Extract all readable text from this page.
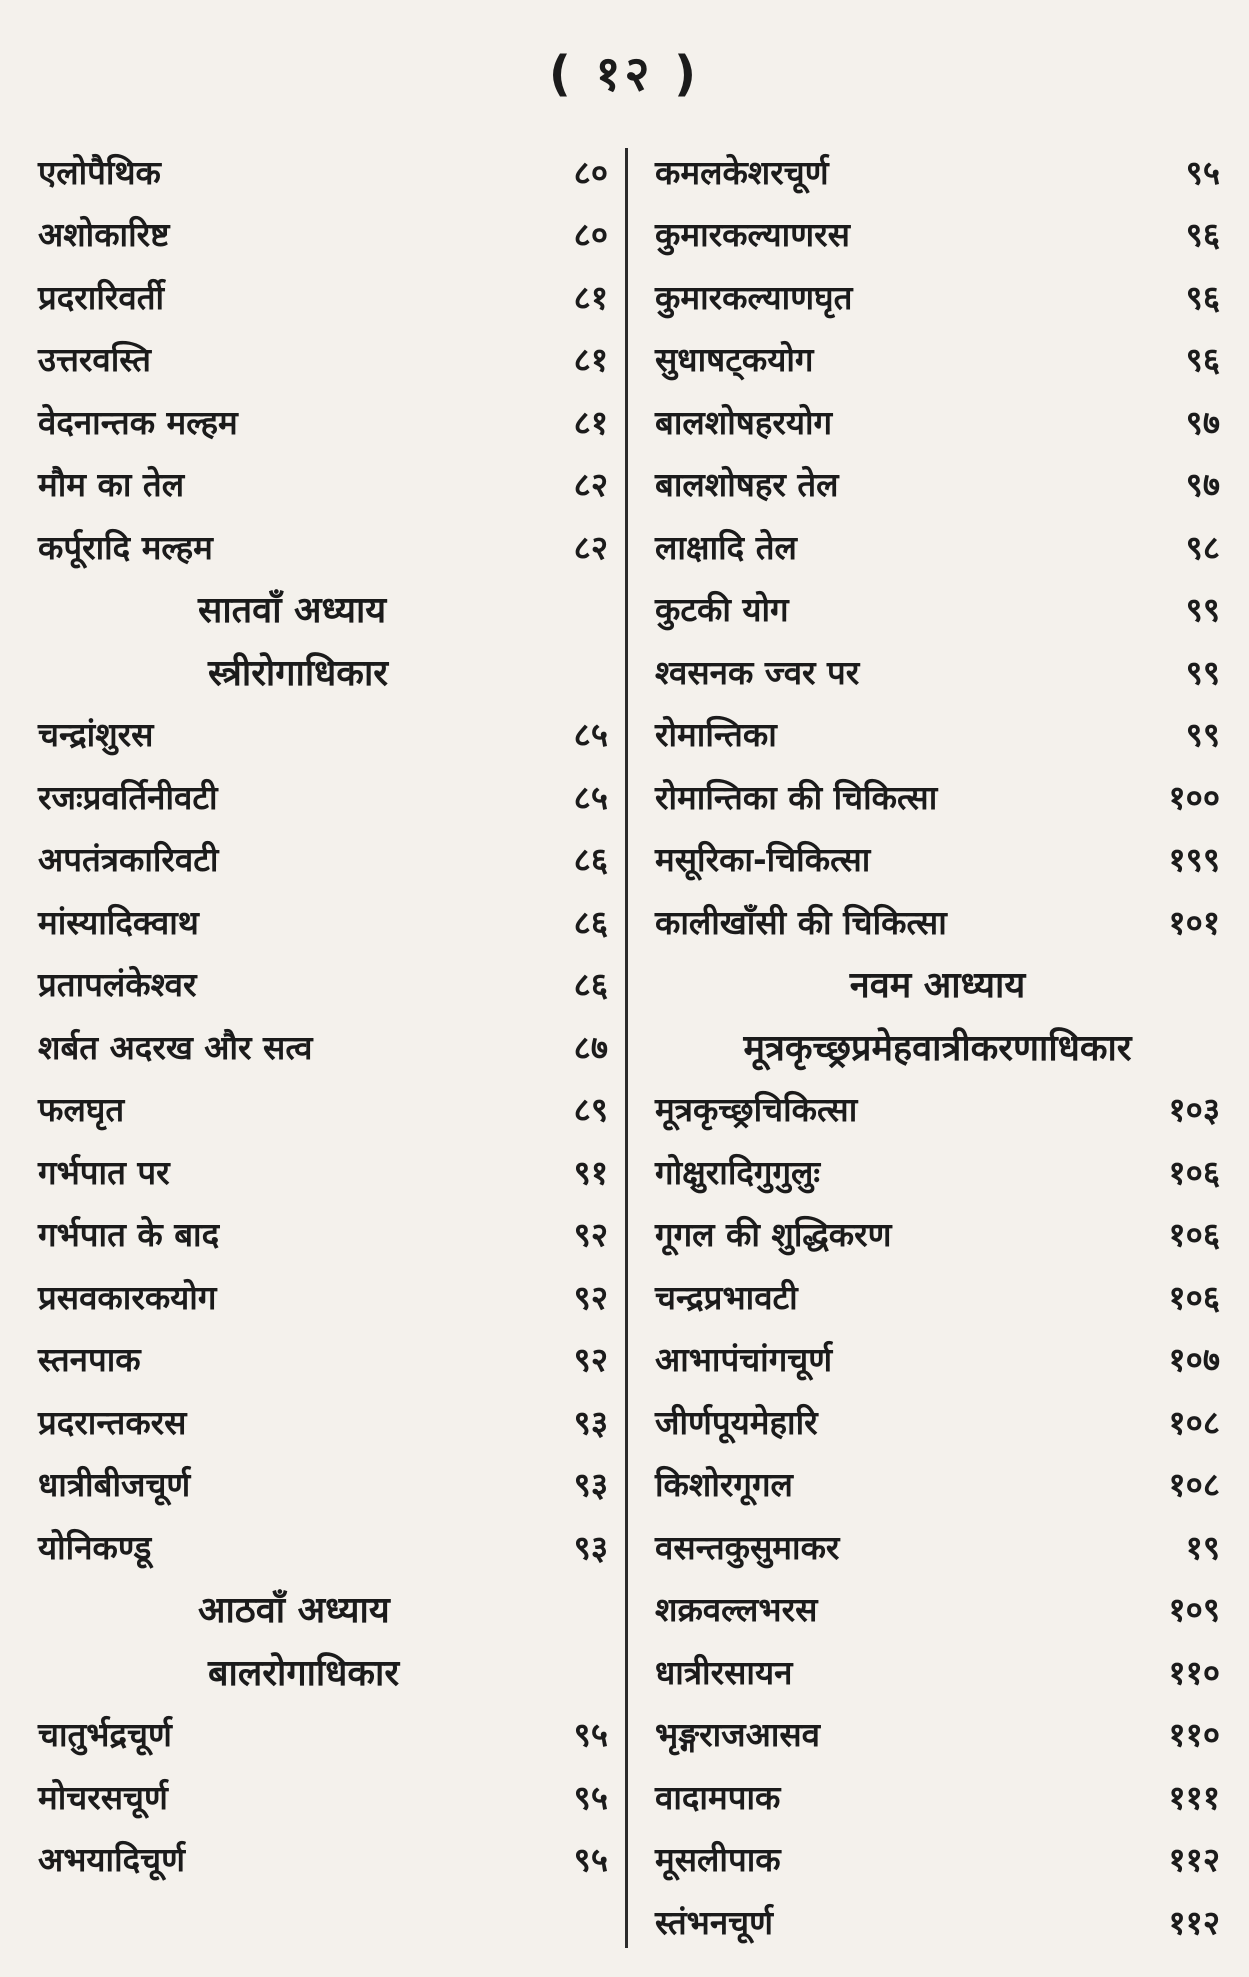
( १२ )
एलोपैथिक	८०
अशोकारिष्ट	८०
प्रदरारिवर्ती	८१
उत्तरवस्ति	८१
वेदनान्तक मल्हम	८१
मौम का तेल	८२
कर्पूरादि मल्हम	८२
सातवाँ अध्याय
स्त्रीरोगाधिकार
चन्द्रांशुरस	८५
रजःप्रवर्तिनीवटी	८५
अपतंत्रकारिवटी	८६
मांस्यादिक्वाथ	८६
प्रतापलंकेश्वर	८६
शर्बत अदरख और सत्व	८७
फलघृत	८९
गर्भपात पर	९१
गर्भपात के बाद	९२
प्रसवकारकयोग	९२
स्तनपाक	९२
प्रदरान्तकरस	९३
धात्रीबीजचूर्ण	९३
योनिकण्डू	९३
आठवाँ अध्याय
बालरोगाधिकार
चातुर्भद्रचूर्ण	९५
मोचरसचूर्ण	९५
अभयादिचूर्ण	९५
कमलकेशरचूर्ण	९५
कुमारकल्याणरस	९६
कुमारकल्याणघृत	९६
सुधाषट्कयोग	९६
बालशोषहरयोग	९७
बालशोषहर तेल	९७
लाक्षादि तेल	९८
कुटकी योग	९९
श्वसनक ज्वर पर	९९
रोमान्तिका	९९
रोमान्तिका की चिकित्सा	१००
मसूरिका-चिकित्सा	१९९
कालीखाँसी की चिकित्सा	१०१
नवम आध्याय
मूत्रकृच्छ्रप्रमेहवात्रीकरणाधिकार
मूत्रकृच्छ्रचिकित्सा	१०३
गोक्षुरादिगुगुलुः	१०६
गूगल की शुद्धिकरण	१०६
चन्द्रप्रभावटी	१०६
आभापंचांगचूर्ण	१०७
जीर्णपूयमेहारि	१०८
किशोरगूगल	१०८
वसन्तकुसुमाकर	१९
शक्रवल्लभरस	१०९
धात्रीरसायन	११०
भृङ्गराजआसव	११०
वादामपाक	१११
मूसलीपाक	११२
स्तंभनचूर्ण	११२
